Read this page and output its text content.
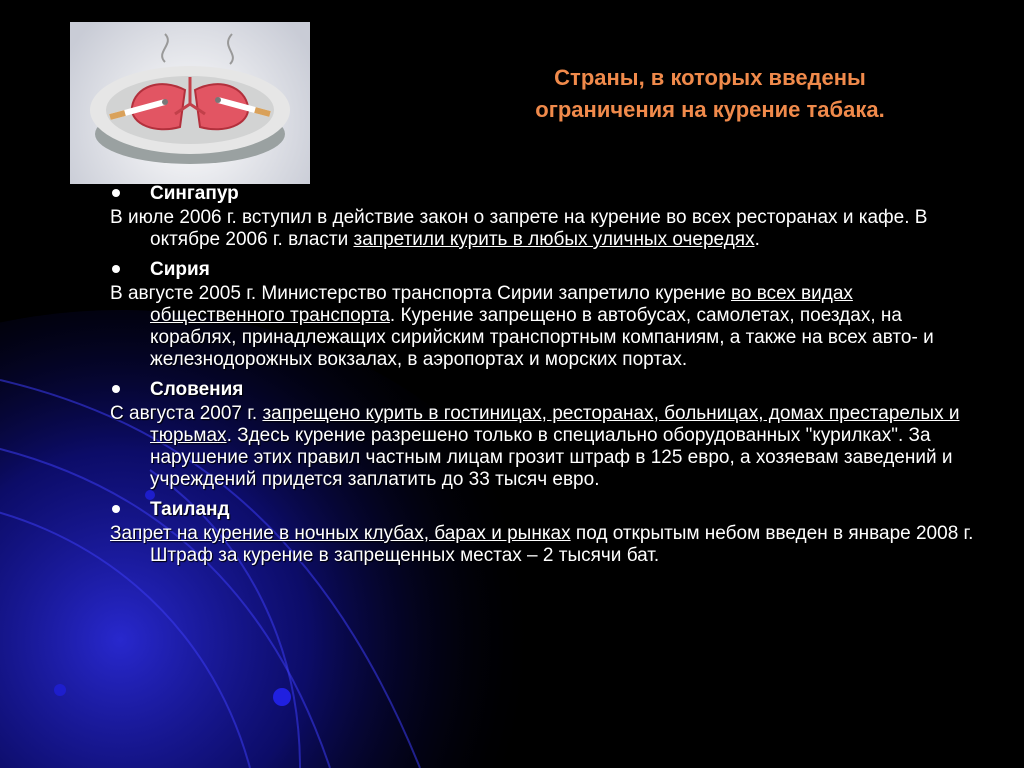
Страны, в которых введены
ограничения на курение табака.
Сингапур
В июле 2006 г. вступил в действие закон о запрете на курение во всех ресторанах и кафе. В октябре 2006 г. власти запретили курить в любых уличных очередях.
Сирия
В августе 2005 г. Министерство транспорта Сирии запретило курение во всех видах общественного транспорта. Курение запрещено в автобусах, самолетах, поездах, на кораблях, принадлежащих сирийским транспортным компаниям, а также на всех авто- и железнодорожных вокзалах, в аэропортах и морских портах.
Словения
С августа 2007 г. запрещено курить в гостиницах, ресторанах, больницах, домах престарелых и тюрьмах. Здесь курение разрешено только в специально оборудованных "курилках". За нарушение этих правил частным лицам грозит штраф в 125 евро, а хозяевам заведений и учреждений придется заплатить до 33 тысяч евро.
Таиланд
Запрет на курение в ночных клубах, барах и рынках под открытым небом введен в январе 2008 г. Штраф за курение в запрещенных местах – 2 тысячи бат.
